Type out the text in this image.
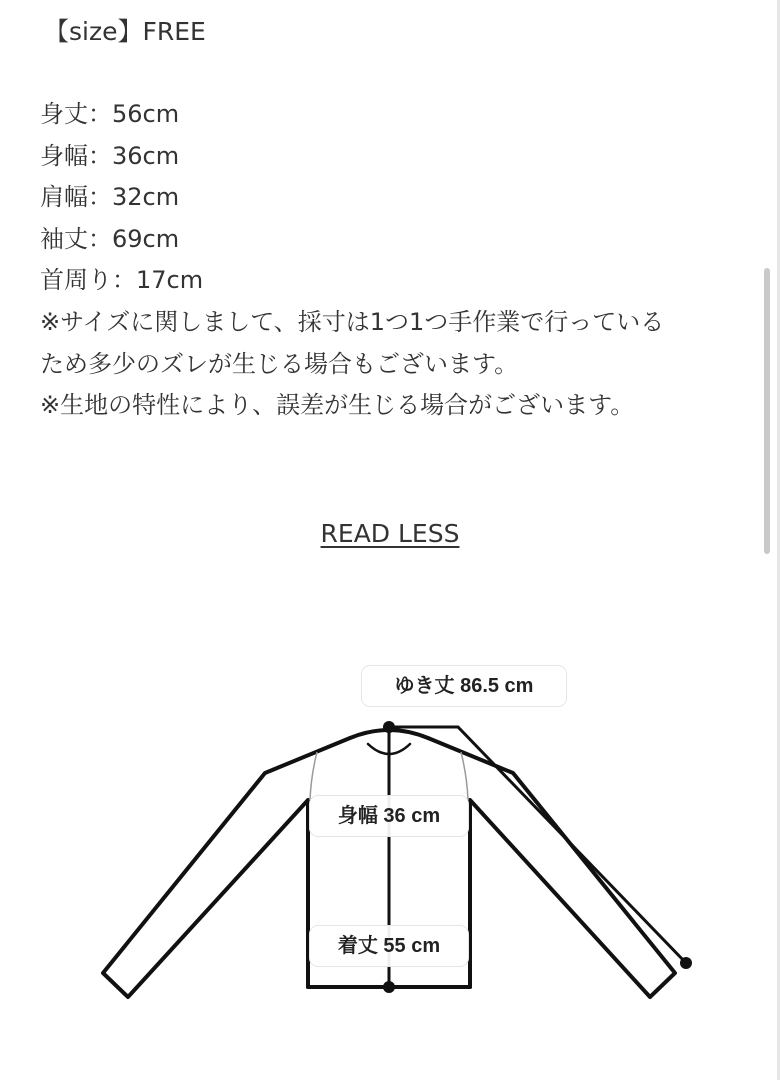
【size】FREE

身丈：56cm
身幅：36cm
肩幅：32cm
袖丈：69cm
首周り：17cm

※サイズに関しまして、採寸は1つ1つ手作業で行っている

ため多少のズレが生じる場合もございます。

※生地の特性により、誤差が生じる場合がございます。

READ LESS
ゆき丈 86.5 cm
身幅 36 cm
着丈 55 cm
